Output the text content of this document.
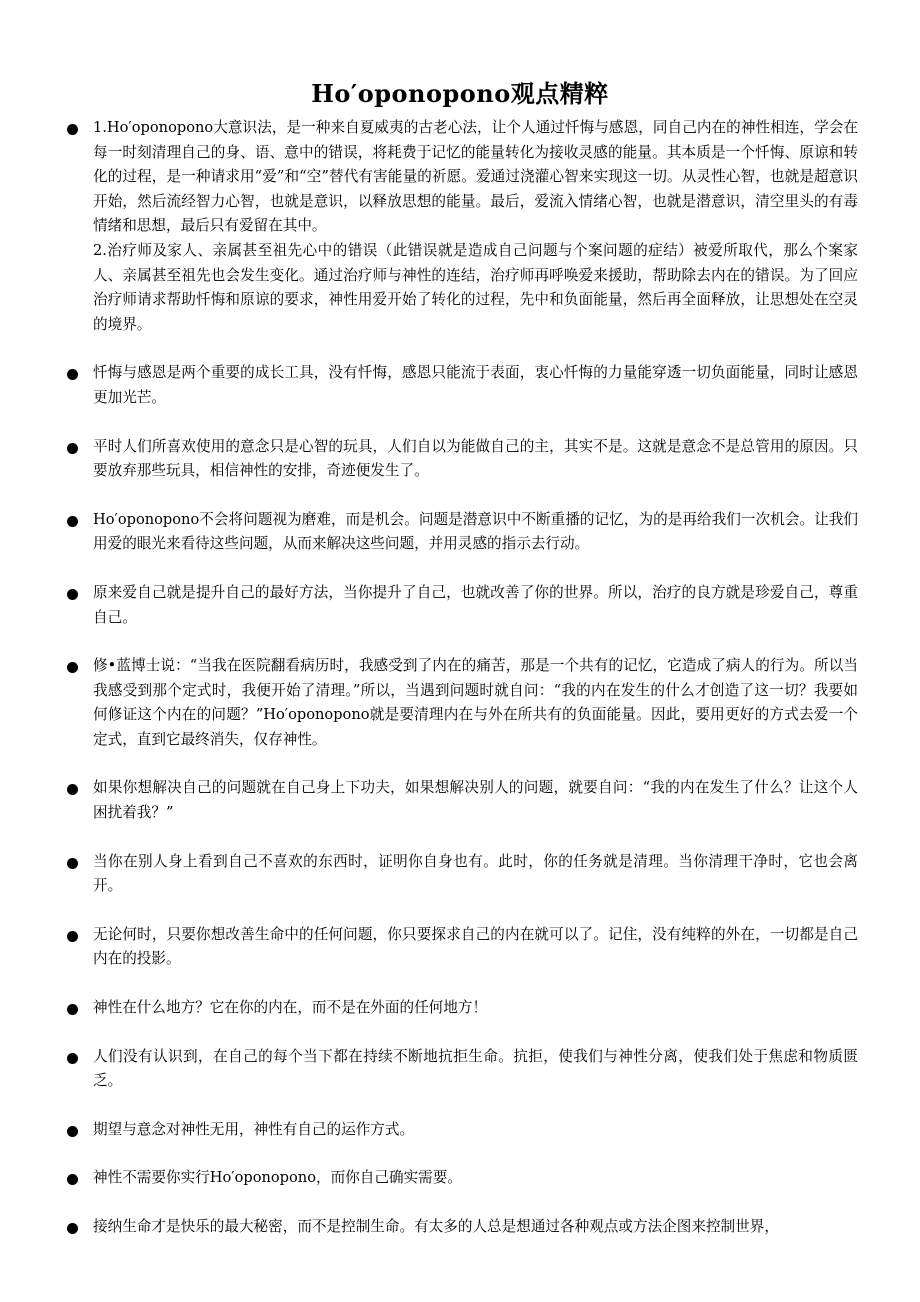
Ho′oponopono观点精粹

1.Ho′oponopono大意识法，是一种来自夏威夷的古老心法，让个人通过忏悔与感恩，同自己内在的神性相连，学会在每一时刻清理自己的身、语、意中的错误，将耗费于记忆的能量转化为接收灵感的能量。其本质是一个忏悔、原谅和转化的过程，是一种请求用“爱”和“空”替代有害能量的祈愿。爱通过浇灌心智来实现这一切。从灵性心智，也就是超意识开始，然后流经智力心智，也就是意识，以释放思想的能量。最后，爱流入情绪心智，也就是潜意识，清空里头的有毒情绪和思想，最后只有爱留在其中。

2.治疗师及家人、亲属甚至祖先心中的错误（此错误就是造成自己问题与个案问题的症结）被爱所取代，那么个案家人、亲属甚至祖先也会发生变化。通过治疗师与神性的连结，治疗师再呼唤爱来援助，帮助除去内在的错误。为了回应治疗师请求帮助忏悔和原谅的要求，神性用爱开始了转化的过程，先中和负面能量，然后再全面释放，让思想处在空灵的境界。

忏悔与感恩是两个重要的成长工具，没有忏悔，感恩只能流于表面，衷心忏悔的力量能穿透一切负面能量，同时让感恩更加光芒。

平时人们所喜欢使用的意念只是心智的玩具，人们自以为能做自己的主，其实不是。这就是意念不是总管用的原因。只要放弃那些玩具，相信神性的安排，奇迹便发生了。

Ho′oponopono不会将问题视为磨难，而是机会。问题是潜意识中不断重播的记忆，为的是再给我们一次机会。让我们用爱的眼光来看待这些问题，从而来解决这些问题，并用灵感的指示去行动。

原来爱自己就是提升自己的最好方法，当你提升了自己，也就改善了你的世界。所以，治疗的良方就是珍爱自己，尊重自己。

修•蓝博士说：“当我在医院翻看病历时，我感受到了内在的痛苦，那是一个共有的记忆，它造成了病人的行为。所以当我感受到那个定式时，我便开始了清理。”所以，当遇到问题时就自问：“我的内在发生的什么才创造了这一切？我要如何修证这个内在的问题？”Ho′oponopono就是要清理内在与外在所共有的负面能量。因此，要用更好的方式去爱一个定式，直到它最终消失，仅存神性。

如果你想解决自己的问题就在自己身上下功夫，如果想解决别人的问题，就要自问：“我的内在发生了什么？让这个人困扰着我？”

当你在别人身上看到自己不喜欢的东西时，证明你自身也有。此时，你的任务就是清理。当你清理干净时，它也会离开。

无论何时，只要你想改善生命中的任何问题，你只要探求自己的内在就可以了。记住，没有纯粹的外在，一切都是自己内在的投影。

神性在什么地方？它在你的内在，而不是在外面的任何地方！

人们没有认识到，在自己的每个当下都在持续不断地抗拒生命。抗拒，使我们与神性分离，使我们处于焦虑和物质匮乏。

期望与意念对神性无用，神性有自己的运作方式。

神性不需要你实行Ho′oponopono，而你自己确实需要。

接纳生命才是快乐的最大秘密，而不是控制生命。有太多的人总是想通过各种观点或方法企图来控制世界，
